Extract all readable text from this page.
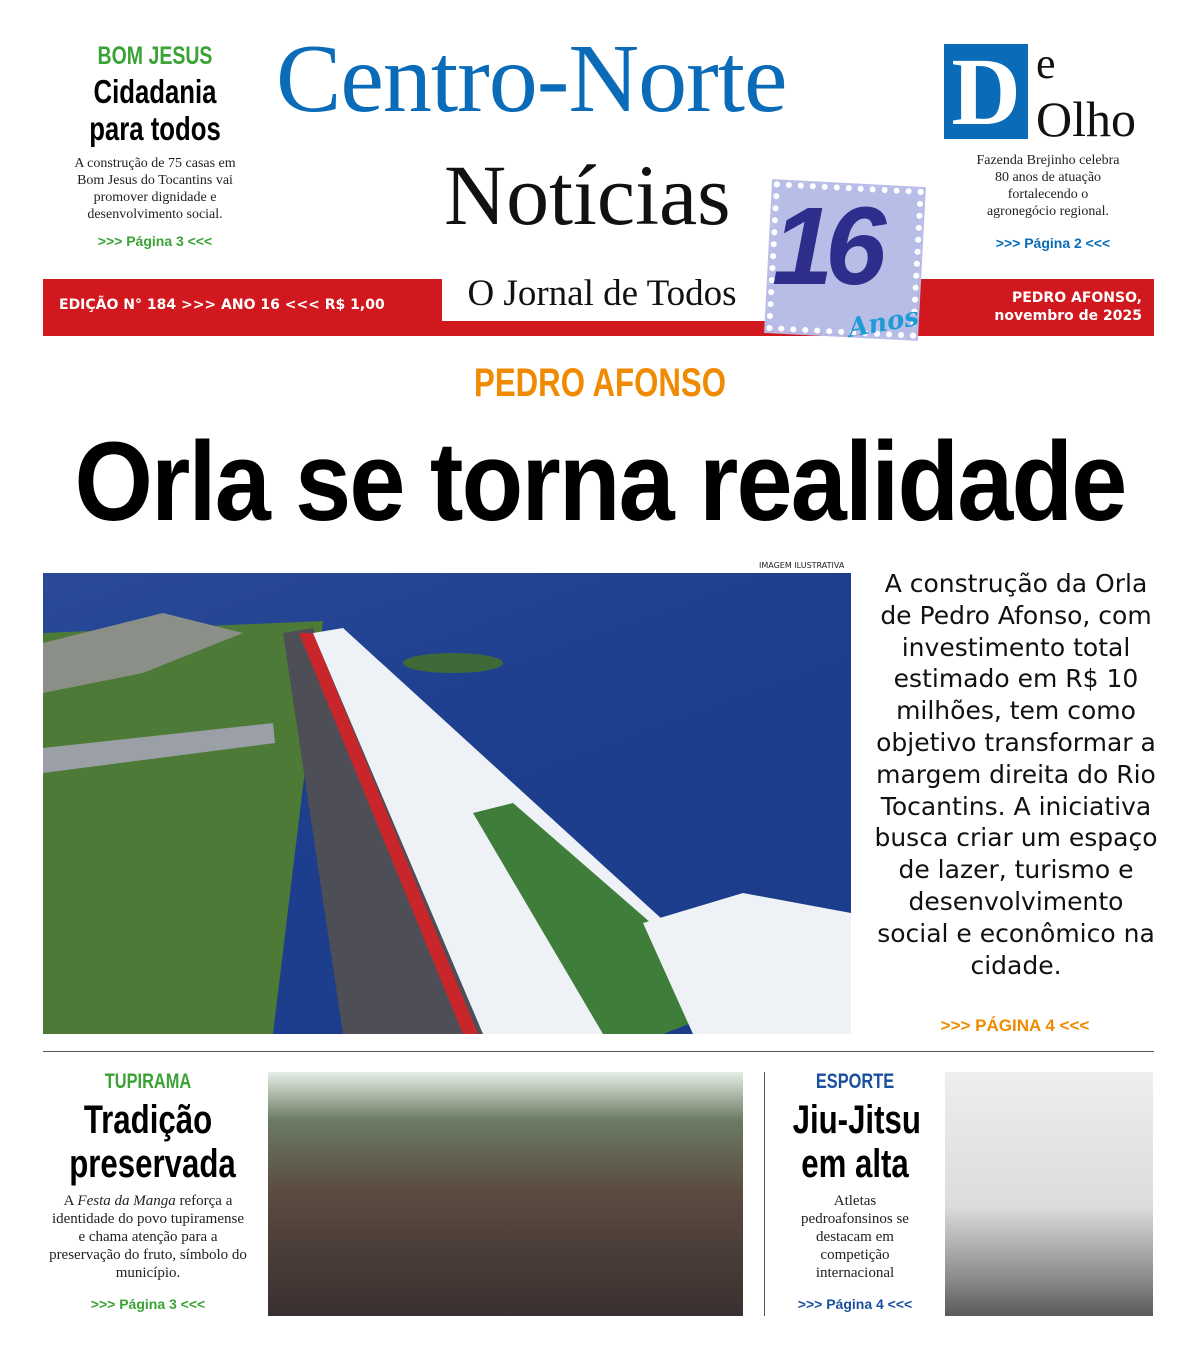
BOM JESUS
Cidadania
para todos

A construção de 75 casas em Bom Jesus do Tocantins vai promover dignidade e desenvolvimento social.

>>> Página 3 <<<

Centro-Norte
Notícias
D e
Olho

Fazenda Brejinho celebra 80 anos de atuação fortalecendo o agronegócio regional.

>>> Página 2 <<<

O Jornal de Todos
EDIÇÃO N° 184 >>> ANO 16 <<< R$ 1,00	PEDRO AFONSO,
novembro de 2025
16
Anos
PEDRO AFONSO
Orla se torna realidade
IMAGEM ILUSTRATIVA

A construção da Orla de Pedro Afonso, com investimento total estimado em R$ 10 milhões, tem como objetivo transformar a margem direita do Rio Tocantins. A iniciativa busca criar um espaço de lazer, turismo e desenvolvimento social e econômico na cidade.

>>> PÁGINA 4 <<<

TUPIRAMA
Tradição
preservada

A Festa da Manga reforça a identidade do povo tupiramense e chama atenção para a preservação do fruto, símbolo do município.

>>> Página 3 <<<

ESPORTE
Jiu-Jitsu
em alta

Atletas pedroafonsinos se destacam em competição internacional

>>> Página 4 <<<
